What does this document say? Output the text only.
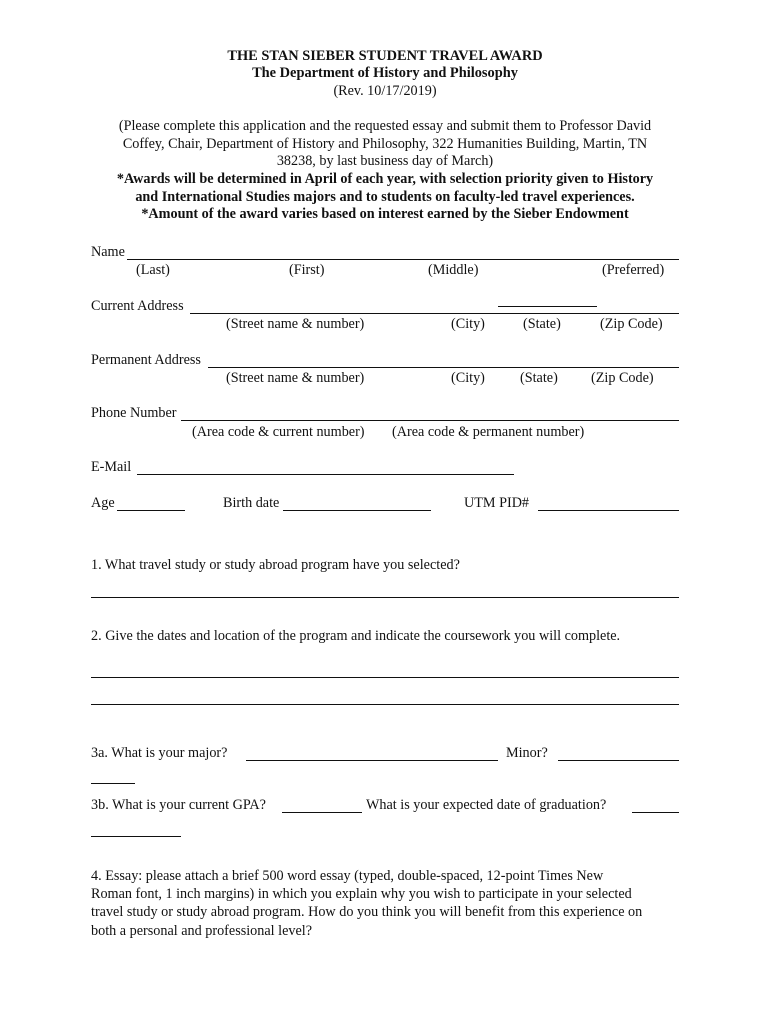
THE STAN SIEBER STUDENT TRAVEL AWARD
The Department of History and Philosophy
(Rev. 10/17/2019)
(Please complete this application and the requested essay and submit them to Professor David
Coffey, Chair, Department of History and Philosophy, 322 Humanities Building, Martin, TN
38238, by last business day of March)
*Awards will be determined in April of each year, with selection priority given to History
and International Studies majors and to students on faculty-led travel experiences.
*Amount of the award varies based on interest earned by the Sieber Endowment
Name
(Last)	(First)	(Middle)	(Preferred)
Current Address
(Street name & number)	(City)	(State)	(Zip Code)
Permanent Address
(Street name & number)	(City) (State) (Zip Code)
Phone Number
(Area code & current number) (Area code & permanent number)
E-Mail
Age	Birth date	UTM PID#
1. What travel study or study abroad program have you selected?
2. Give the dates and location of the program and indicate the coursework you will complete.
3a. What is your major?	Minor?
3b. What is your current GPA?	What is your expected date of graduation?
4. Essay: please attach a brief 500 word essay (typed, double-spaced, 12-point Times New
Roman font, 1 inch margins) in which you explain why you wish to participate in your selected
travel study or study abroad program. How do you think you will benefit from this experience on
both a personal and professional level?
